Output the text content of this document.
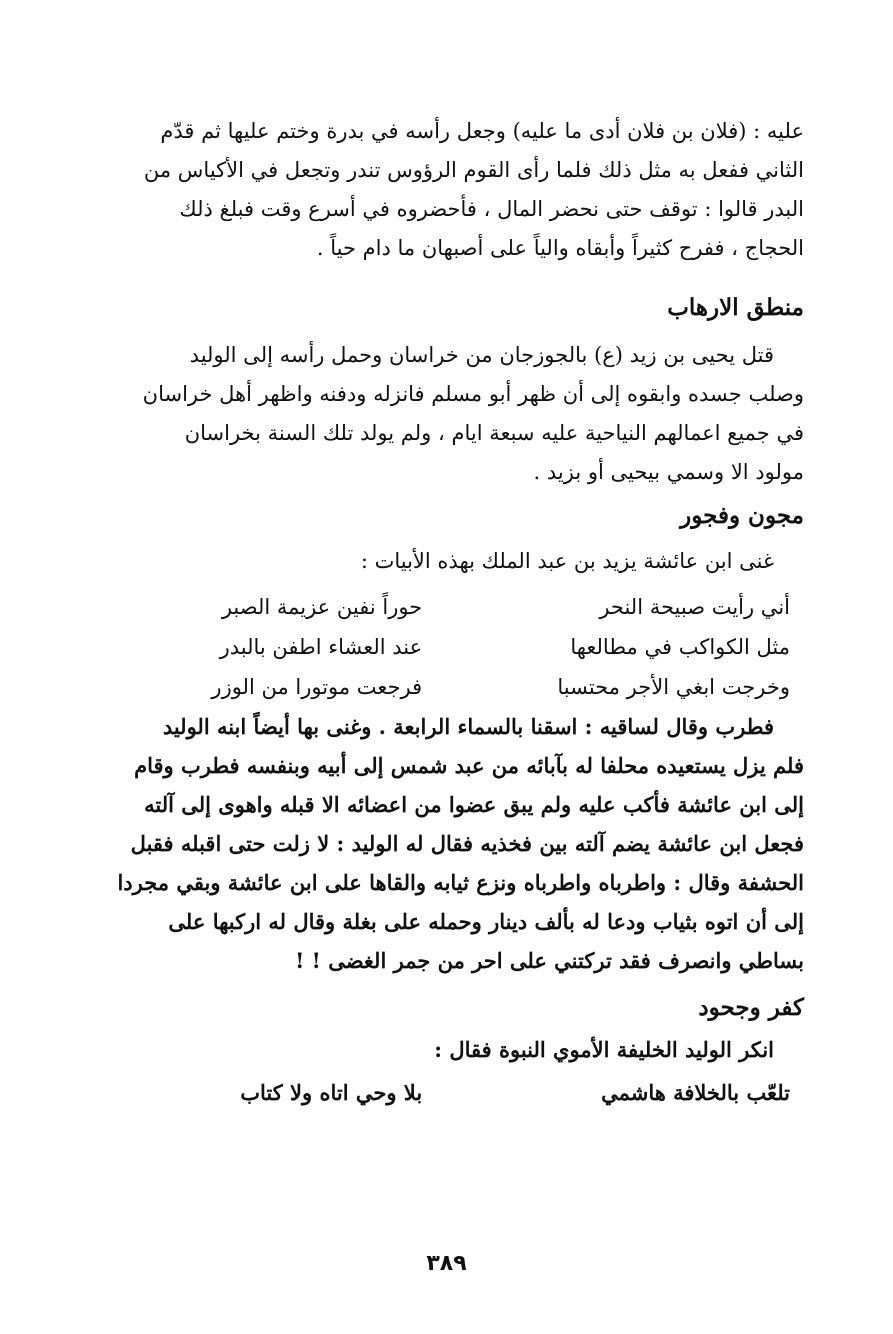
عليه : (فلان بن فلان أدى ما عليه) وجعل رأسه في بدرة وختم عليها ثم قدّم

الثاني ففعل به مثل ذلك فلما رأى القوم الرؤوس تندر وتجعل في الأكياس من

البدر قالوا : توقف حتى نحضر المال ، فأحضروه في أسرع وقت فبلغ ذلك

الحجاج ، ففرح كثيراً وأبقاه والياً على أصبهان ما دام حياً .

منطق الارهاب

قتل يحيى بن زيد (ع) بالجوزجان من خراسان وحمل رأسه إلى الوليد

وصلب جسده وابقوه إلى أن ظهر أبو مسلم فانزله ودفنه واظهر أهل خراسان

في جميع اعمالهم النياحية عليه سبعة ايام ، ولم يولد تلك السنة بخراسان

مولود الا وسمي بيحيى أو بزيد .

مجون وفجور

غنى ابن عائشة يزيد بن عبد الملك بهذه الأبيات :

أني رأيت صبيحة النحر
حوراً نفين عزيمة الصبر
مثل الكواكب في مطالعها
عند العشاء اطفن بالبدر
وخرجت ابغي الأجر محتسبا
فرجعت موتورا من الوزر

فطرب وقال لساقيه : اسقنا بالسماء الرابعة . وغنى بها أيضاً ابنه الوليد

فلم يزل يستعيده محلفا له بآبائه من عبد شمس إلى أبيه وبنفسه فطرب وقام

إلى ابن عائشة فأكب عليه ولم يبق عضوا من اعضائه الا قبله واهوى إلى آلته

فجعل ابن عائشة يضم آلته بين فخذيه فقال له الوليد : لا زلت حتى اقبله فقبل

الحشفة وقال : واطرباه واطرباه ونزع ثيابه والقاها على ابن عائشة وبقي مجردا

إلى أن اتوه بثياب ودعا له بألف دينار وحمله على بغلة وقال له اركبها على

بساطي وانصرف فقد تركتني على احر من جمر الغضى ! !

كفر وجحود

انكر الوليد الخليفة الأموي النبوة فقال :

تلعّب بالخلافة هاشمي
بلا وحي اتاه ولا كتاب
٣٨٩
